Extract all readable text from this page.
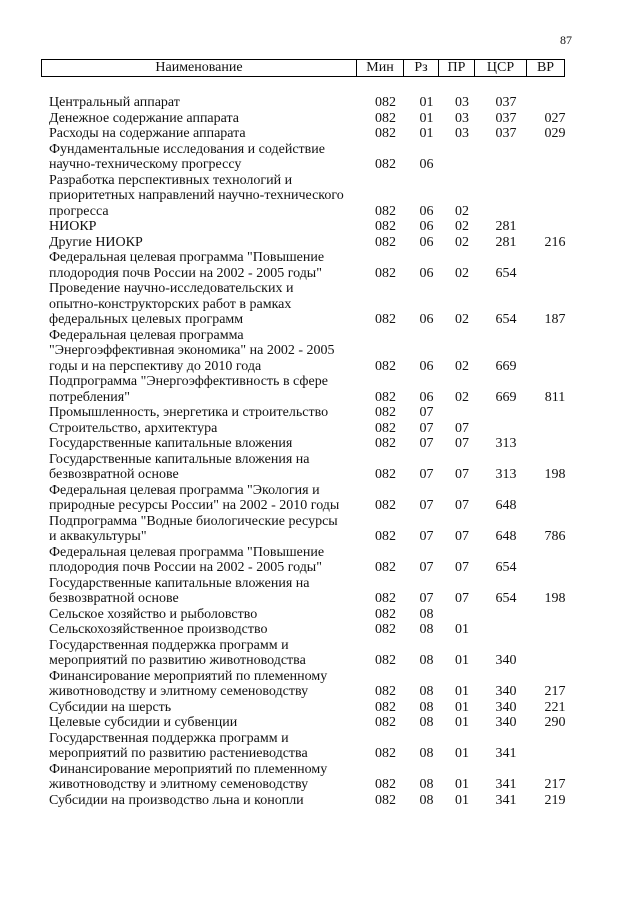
87
Наименование	Мин	Рз	ПР	ЦСР	ВР
Центральный аппарат	082	01	03	037
Денежное содержание аппарата	082	01	03	037	027
Расходы на содержание аппарата	082	01	03	037	029
Фундаментальные исследования и содействие научно-техническому прогрессу	082	06
Разработка перспективных технологий и приоритетных направлений научно-технического прогресса	082	06	02
НИОКР	082	06	02	281
Другие НИОКР	082	06	02	281	216
Федеральная целевая программа "Повышение плодородия почв России на 2002 - 2005 годы"	082	06	02	654
Проведение научно-исследовательских и опытно-конструкторских работ в рамках федеральных целевых программ	082	06	02	654	187
Федеральная целевая программа "Энергоэффективная экономика" на 2002 - 2005 годы и на перспективу до 2010 года	082	06	02	669
Подпрограмма "Энергоэффективность в сфере потребления"	082	06	02	669	811
Промышленность, энергетика и строительство	082	07
Строительство, архитектура	082	07	07
Государственные капитальные вложения	082	07	07	313
Государственные капитальные вложения на безвозвратной основе	082	07	07	313	198
Федеральная целевая программа "Экология и природные ресурсы России" на 2002 - 2010 годы	082	07	07	648
Подпрограмма "Водные биологические ресурсы и аквакультуры"	082	07	07	648	786
Федеральная целевая программа "Повышение плодородия почв России на 2002 - 2005 годы"	082	07	07	654
Государственные капитальные вложения на безвозвратной основе	082	07	07	654	198
Сельское хозяйство и рыболовство	082	08
Сельскохозяйственное производство	082	08	01
Государственная поддержка программ и мероприятий по развитию животноводства	082	08	01	340
Финансирование мероприятий по племенному животноводству и элитному семеноводству	082	08	01	340	217
Субсидии на шерсть	082	08	01	340	221
Целевые субсидии и субвенции	082	08	01	340	290
Государственная поддержка программ и мероприятий по развитию растениеводства	082	08	01	341
Финансирование мероприятий по племенному животноводству и элитному семеноводству	082	08	01	341	217
Субсидии на производство льна и конопли	082	08	01	341	219
